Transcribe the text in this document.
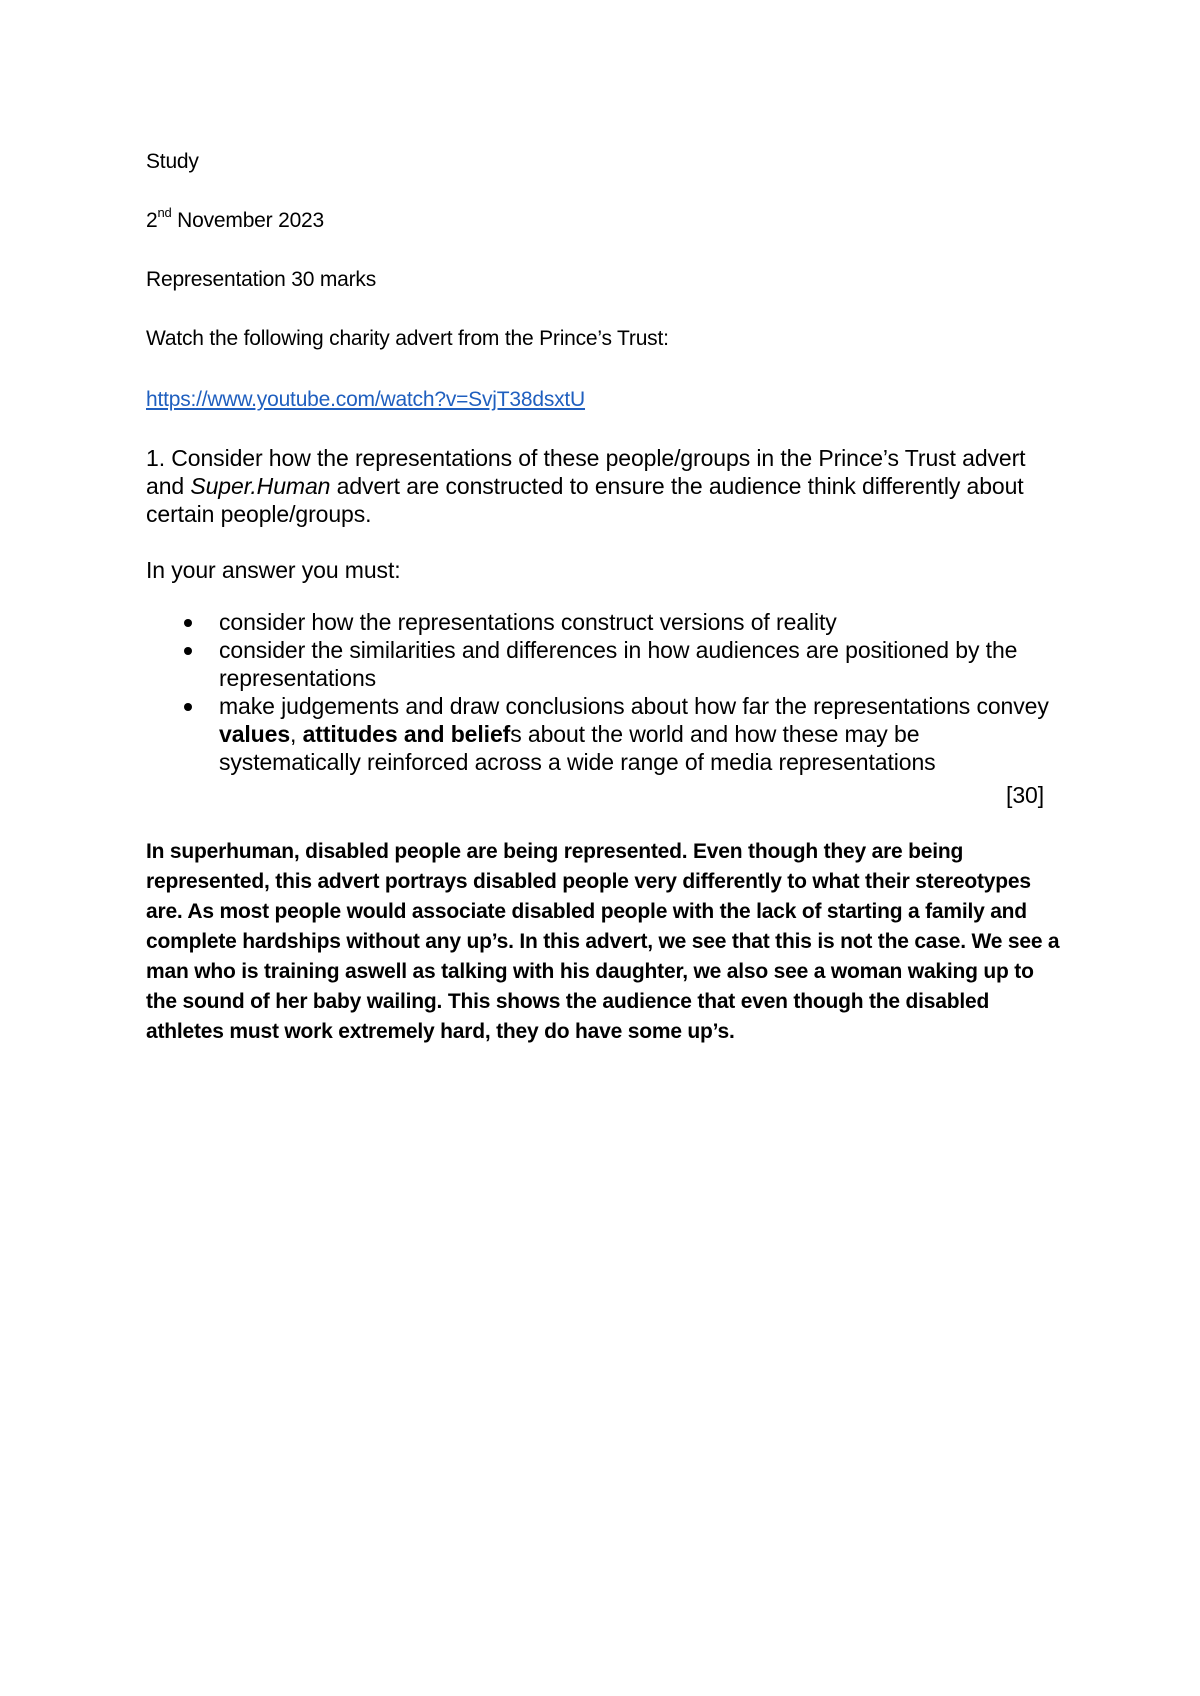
Study
2nd November 2023
Representation 30 marks
Watch the following charity advert from the Prince’s Trust:
https://www.youtube.com/watch?v=SvjT38dsxtU

1. Consider how the representations of these people/groups in the Prince’s Trust advert and Super.Human advert are constructed to ensure the audience think differently about certain people/groups.

In your answer you must:
consider how the representations construct versions of reality
consider the similarities and differences in how audiences are positioned by the representations
make judgements and draw conclusions about how far the representations convey values, attitudes and beliefs about the world and how these may be systematically reinforced across a wide range of media representations
[30]

In superhuman, disabled people are being represented. Even though they are being represented, this advert portrays disabled people very differently to what their stereotypes are. As most people would associate disabled people with the lack of starting a family and complete hardships without any up’s. In this advert, we see that this is not the case. We see a man who is training aswell as talking with his daughter, we also see a woman waking up to the sound of her baby wailing. This shows the audience that even though the disabled athletes must work extremely hard, they do have some up’s.
